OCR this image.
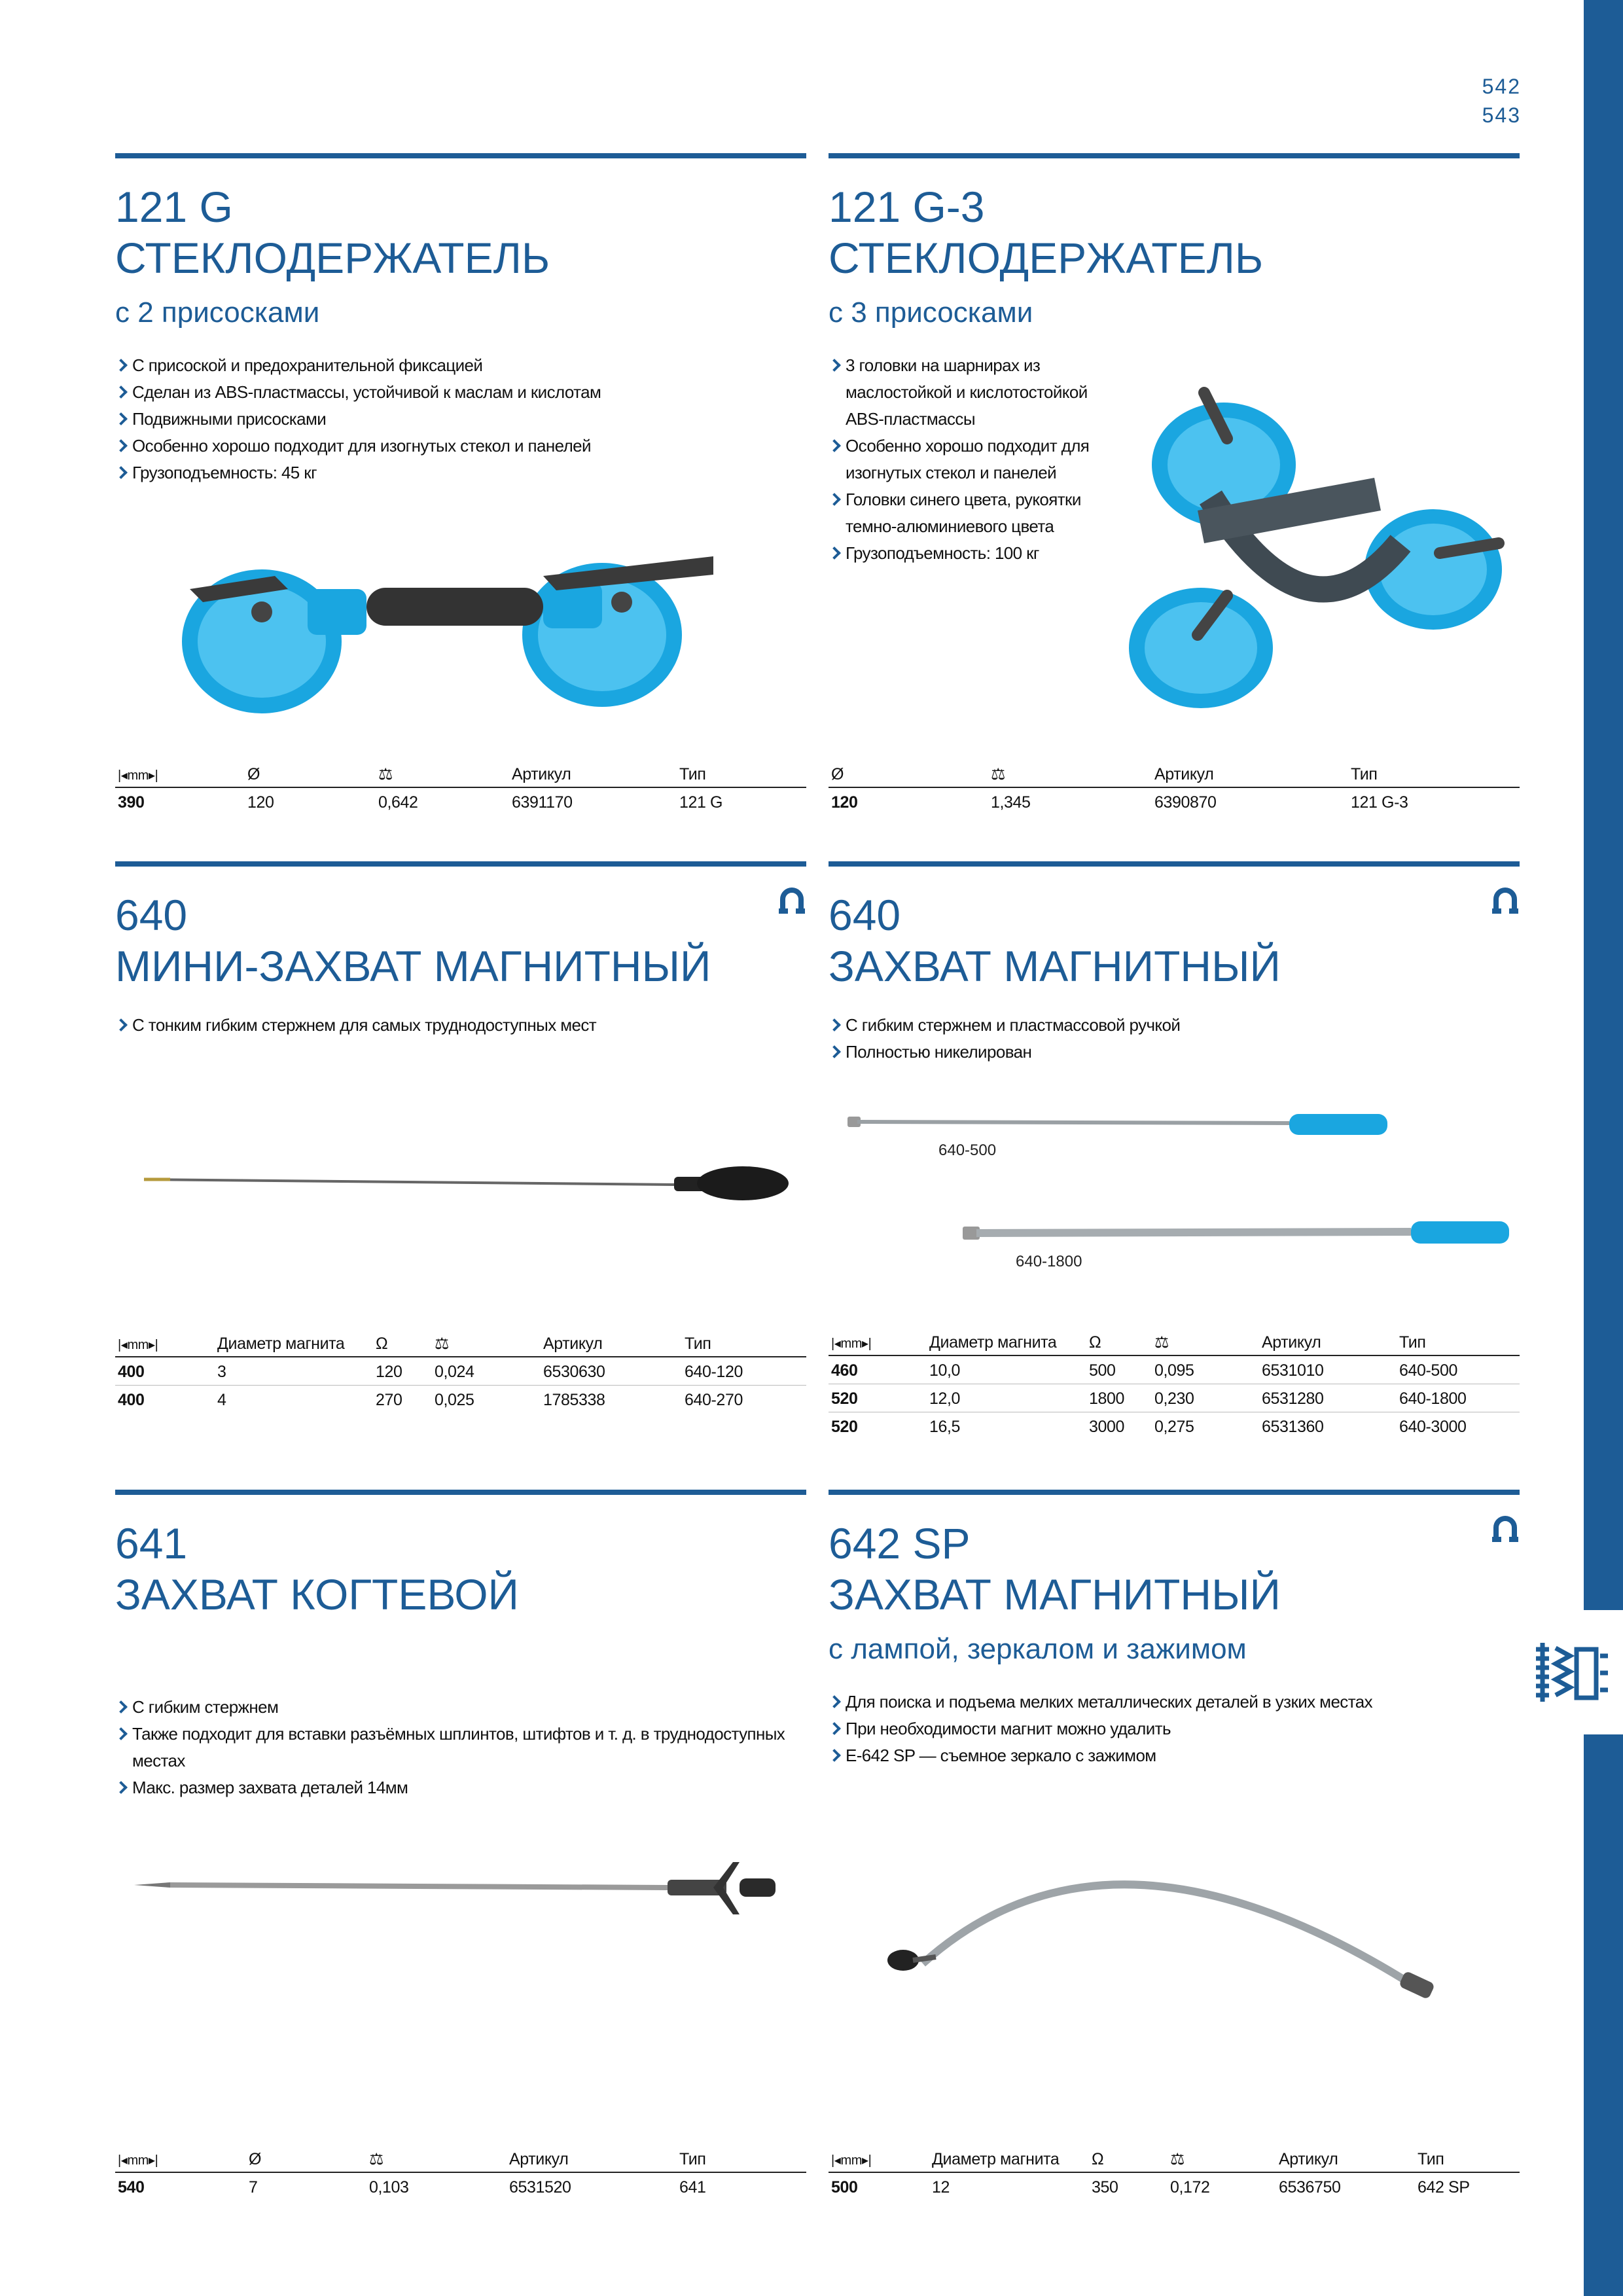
542
543
121 G
СТЕКЛОДЕРЖАТЕЛЬ
с 2 присосками
С присоской и предохранительной фиксацией
Сделан из ABS-пластмассы, устойчивой к маслам и кислотам
Подвижными присосками
Особенно хорошо подходит для изогнутых стекол и панелей
Грузоподъемность: 45 кг
|◂mm▸|	Ø	⚖	Артикул	Тип
390	120	0,642	6391170	121 G
121 G-3
СТЕКЛОДЕРЖАТЕЛЬ
с 3 присосками
3 головки на шарнирах из маслостойкой и кислотостойкой ABS-пластмассы
Особенно хорошо подходит для изогнутых стекол и панелей
Головки синего цвета, рукоятки темно-алюминиевого цвета
Грузоподъемность: 100 кг
Ø	⚖	Артикул	Тип
120	1,345	6390870	121 G-3
640
МИНИ-ЗАХВАТ МАГНИТНЫЙ
С тонким гибким стержнем для самых труднодоступных мест
|◂mm▸|	Диаметр магнита	Ω	⚖	Артикул	Тип
400	3	120	0,024	6530630	640-120
400	4	270	0,025	1785338	640-270
640
ЗАХВАТ МАГНИТНЫЙ
С гибким стержнем и пластмассовой ручкой
Полностью никелирован
640-500
640-1800
|◂mm▸|	Диаметр магнита	Ω	⚖	Артикул	Тип
460	10,0	500	0,095	6531010	640-500
520	12,0	1800	0,230	6531280	640-1800
520	16,5	3000	0,275	6531360	640-3000
641
ЗАХВАТ КОГТЕВОЙ
С гибким стержнем
Также подходит для вставки разъёмных шплинтов, штифтов и т. д. в труднодоступных местах
Макс. размер захвата деталей 14мм
|◂mm▸|	Ø	⚖	Артикул	Тип
540	7	0,103	6531520	641
642 SP
ЗАХВАТ МАГНИТНЫЙ
с лампой, зеркалом и зажимом
Для поиска и подъема мелких металлических деталей в узких местах
При необходимости магнит можно удалить
E-642 SP — съемное зеркало с зажимом
|◂mm▸|	Диаметр магнита	Ω	⚖	Артикул	Тип
500	12	350	0,172	6536750	642 SP
